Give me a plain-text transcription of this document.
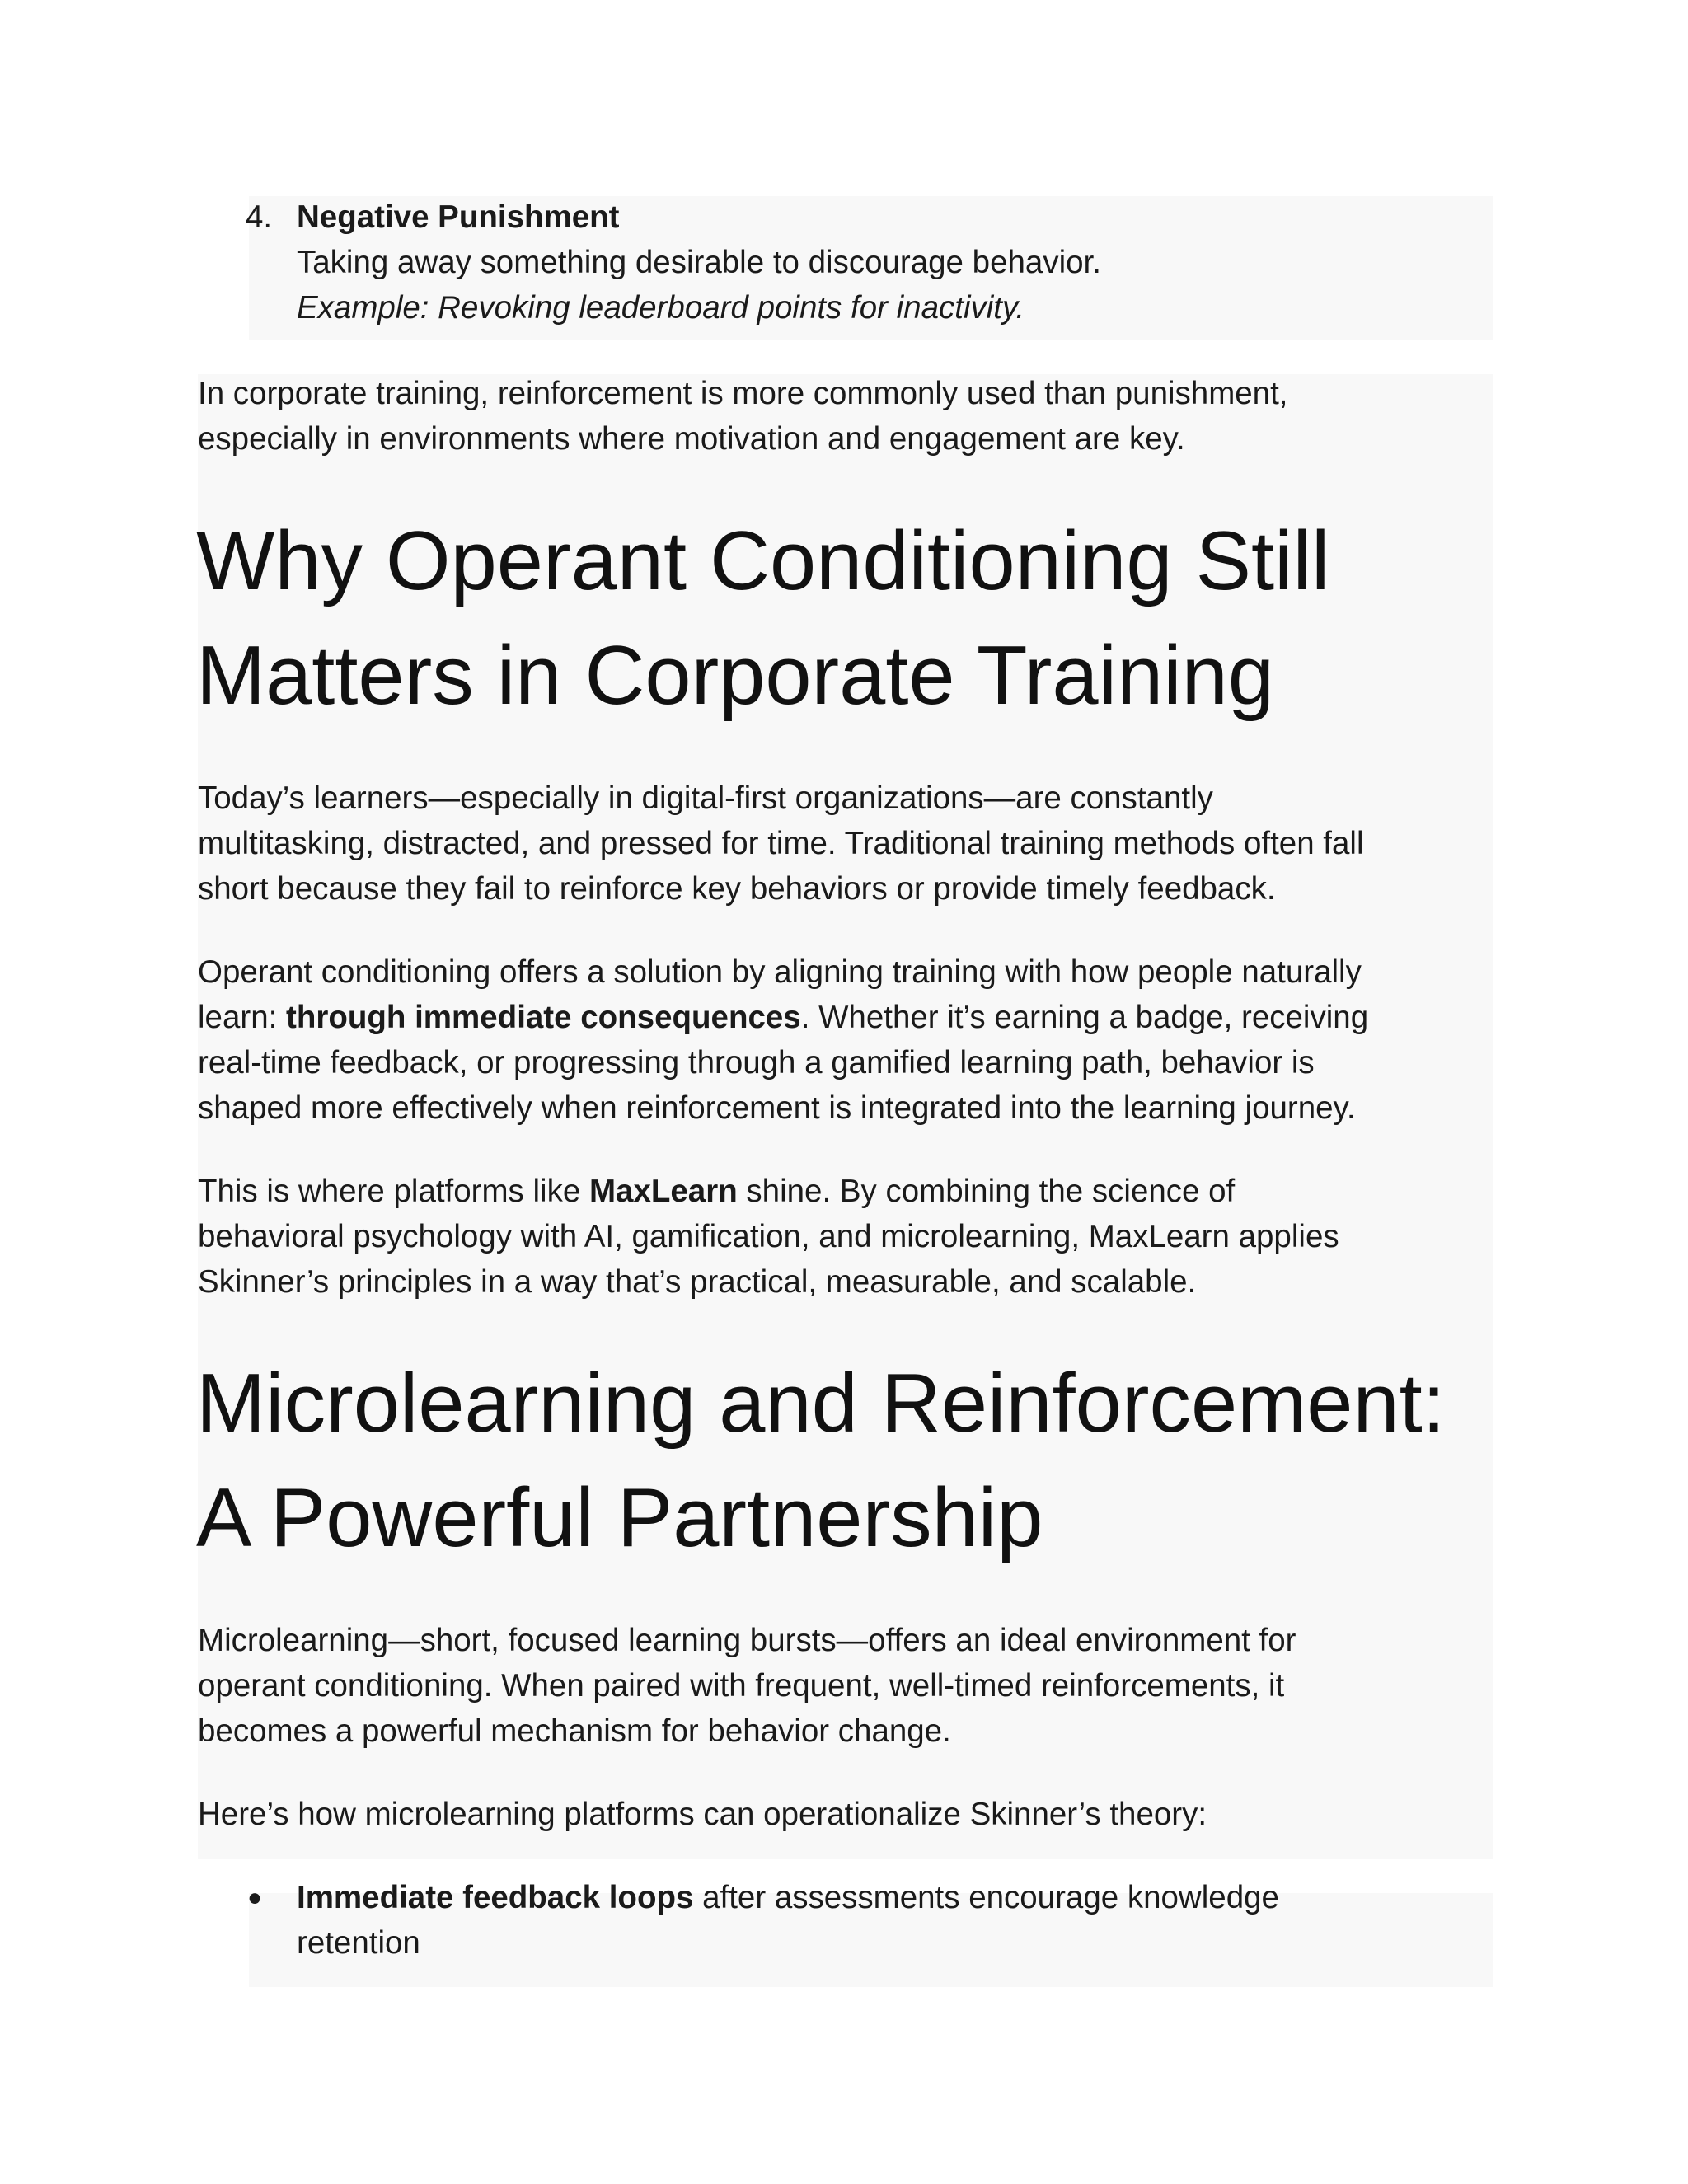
4. Negative Punishment

Taking away something desirable to discourage behavior.

Example: Revoking leaderboard points for inactivity.

In corporate training, reinforcement is more commonly used than punishment,

especially in environments where motivation and engagement are key.

Why Operant Conditioning Still
Matters in Corporate Training

Today’s learners—especially in digital-first organizations—are constantly

multitasking, distracted, and pressed for time. Traditional training methods often fall

short because they fail to reinforce key behaviors or provide timely feedback.

Operant conditioning offers a solution by aligning training with how people naturally

learn: through immediate consequences. Whether it’s earning a badge, receiving

real-time feedback, or progressing through a gamified learning path, behavior is

shaped more effectively when reinforcement is integrated into the learning journey.

This is where platforms like MaxLearn shine. By combining the science of

behavioral psychology with AI, gamification, and microlearning, MaxLearn applies

Skinner’s principles in a way that’s practical, measurable, and scalable.

Microlearning and Reinforcement:
A Powerful Partnership

Microlearning—short, focused learning bursts—offers an ideal environment for

operant conditioning. When paired with frequent, well-timed reinforcements, it

becomes a powerful mechanism for behavior change.

Here’s how microlearning platforms can operationalize Skinner’s theory:

● Immediate feedback loops after assessments encourage knowledge

retention
